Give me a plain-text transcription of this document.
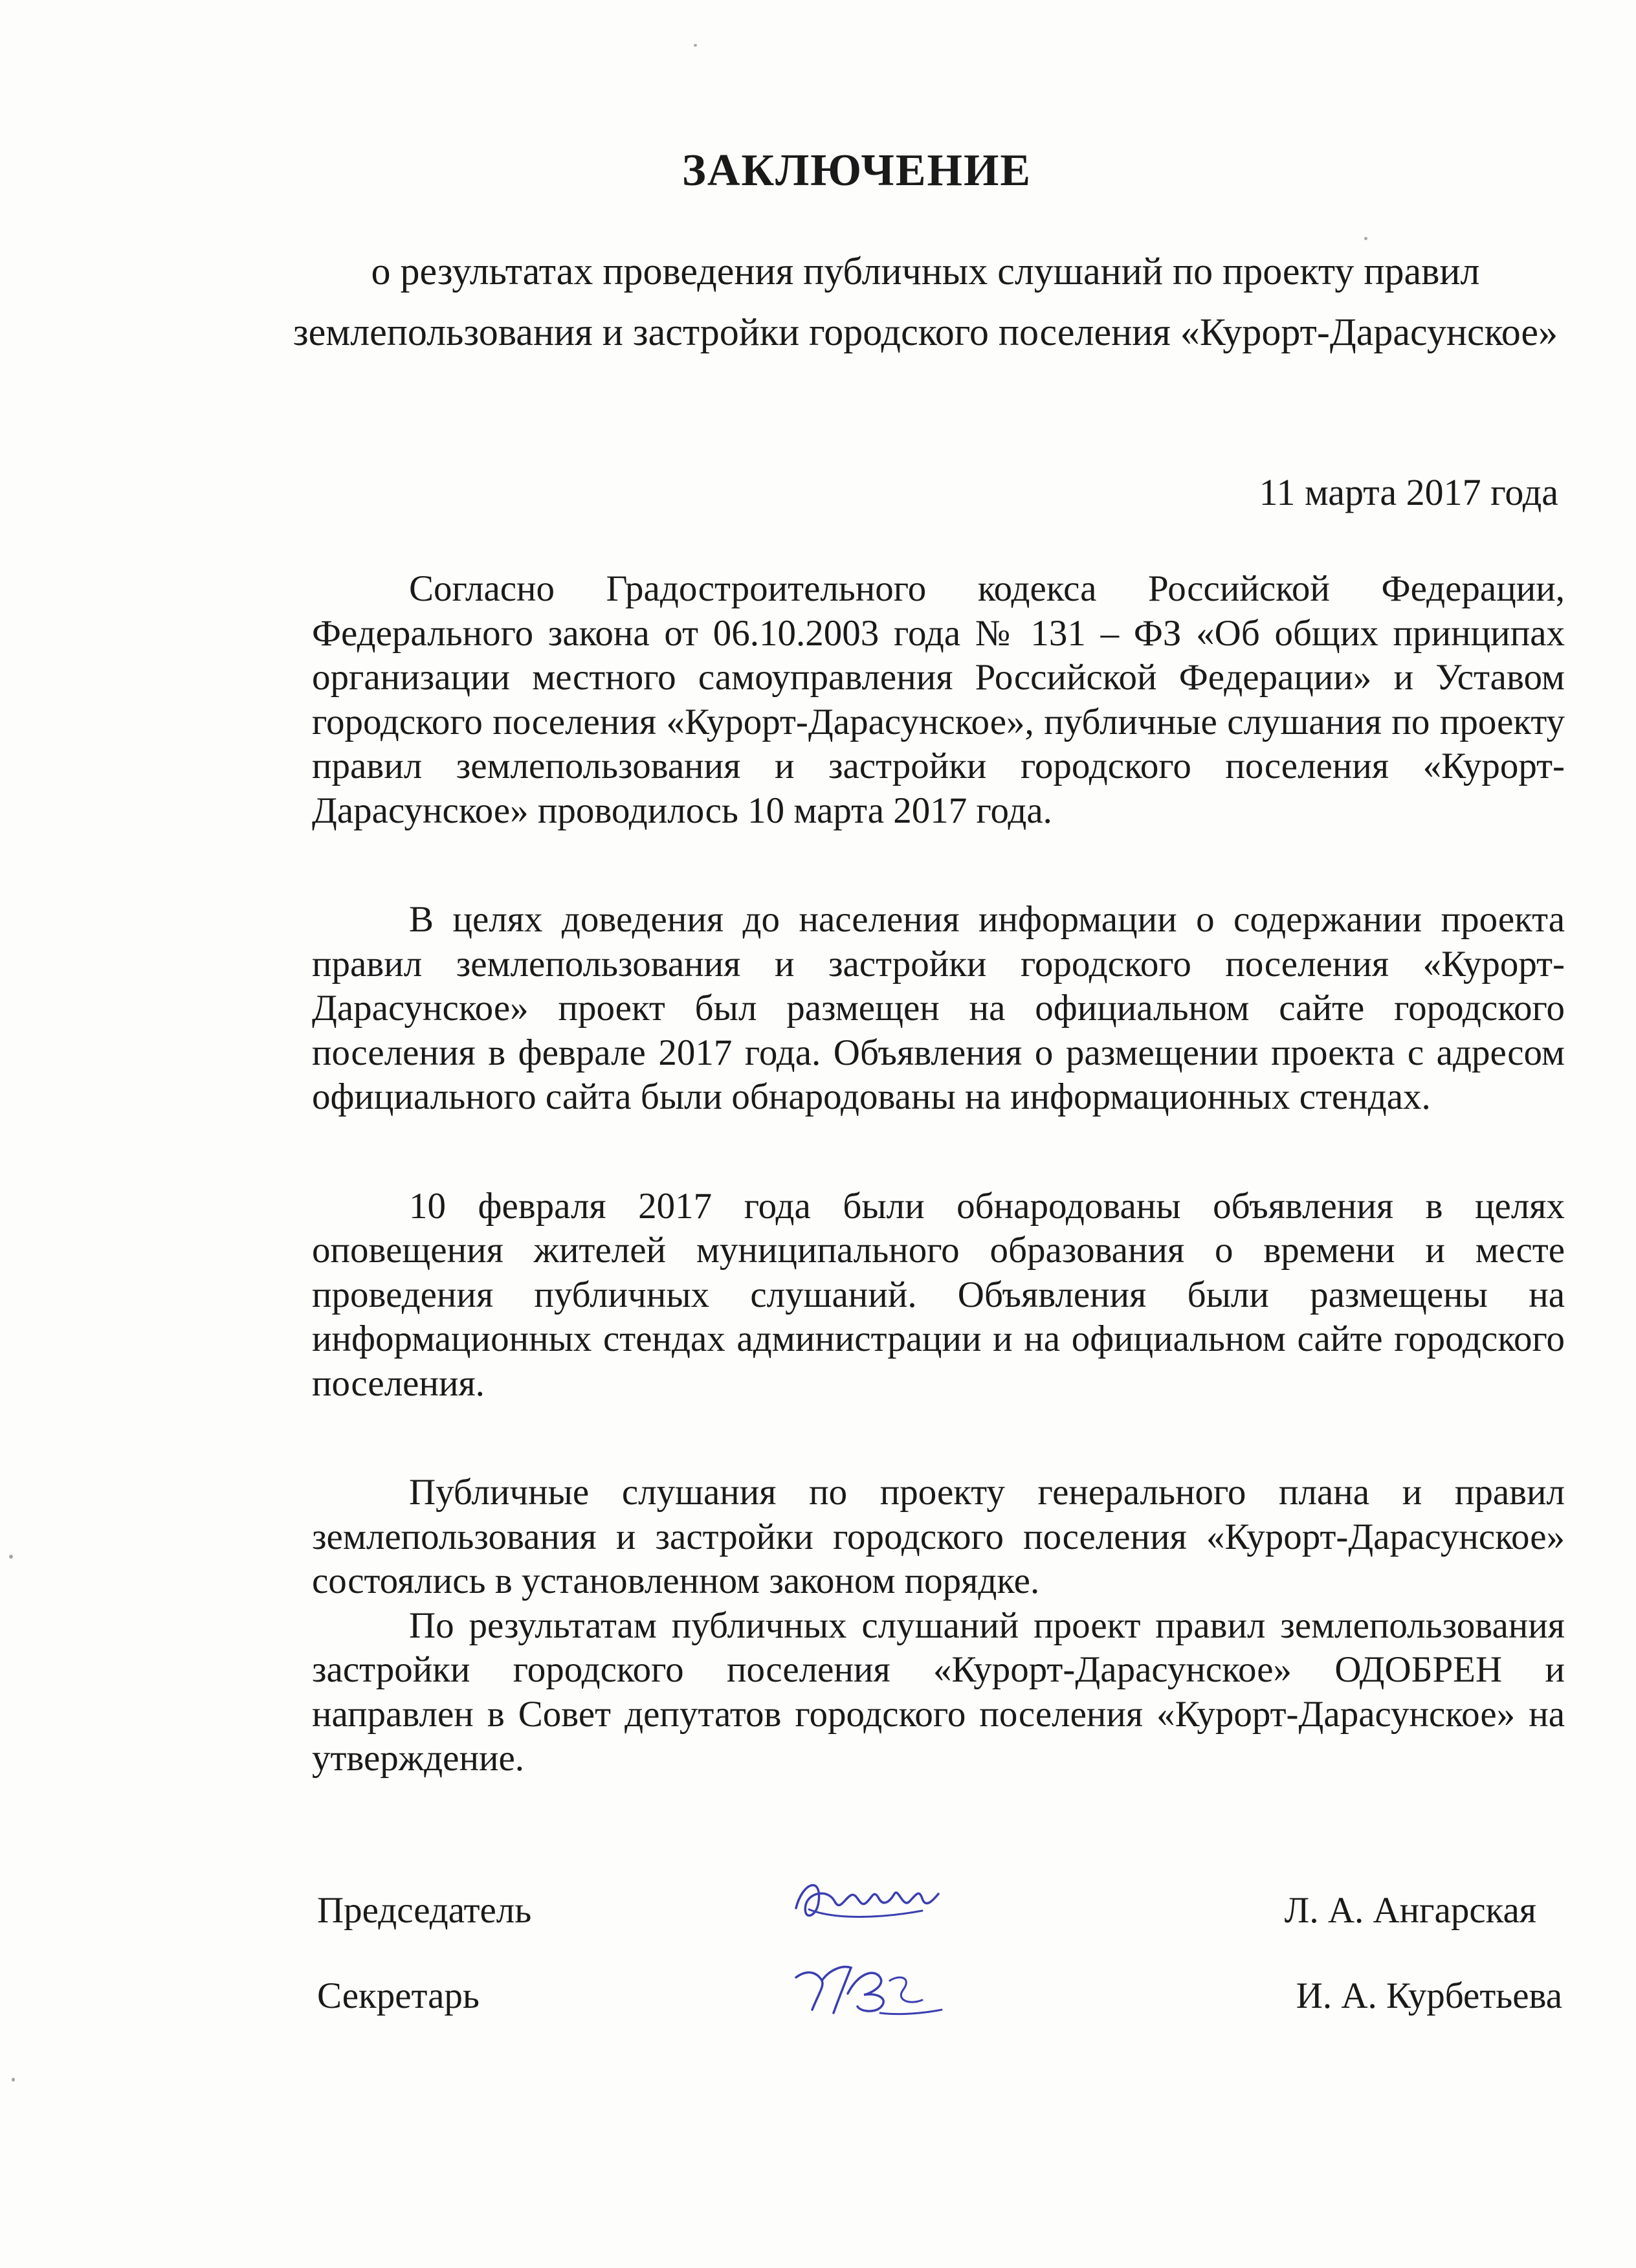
ЗАКЛЮЧЕНИЕ
о результатах проведения публичных слушаний по проекту правил землепользования и застройки городского поселения «Курорт-Дарасунское»
11 марта 2017 года

Согласно Градостроительного кодекса Российской Федерации, Федерального закона от 06.10.2003 года № 131 – ФЗ «Об общих принципах организации местного самоуправления Российской Федерации» и Уставом городского поселения «Курорт-Дарасунское», публичные слушания по проекту правил землепользования и застройки городского поселения «Курорт-Дарасунское» проводилось 10 марта 2017 года.

В целях доведения до населения информации о содержании проекта правил землепользования и застройки городского поселения «Курорт-Дарасунское» проект был размещен на официальном сайте городского поселения в феврале 2017 года. Объявления о размещении проекта с адресом официального сайта были обнародованы на информационных стендах.

10 февраля 2017 года были обнародованы объявления в целях оповещения жителей муниципального образования о времени и месте проведения публичных слушаний. Объявления были размещены на информационных стендах администрации и на официальном сайте городского поселения.

Публичные слушания по проекту генерального плана и правил землепользования и застройки городского поселения «Курорт-Дарасунское» состоялись в установленном законом порядке.

По результатам публичных слушаний проект правил землепользования застройки городского поселения «Курорт-Дарасунское» ОДОБРЕН и направлен в Совет депутатов городского поселения «Курорт-Дарасунское» на утверждение.

Председатель	Л. А. Ангарская
Секретарь	И. А. Курбетьева
